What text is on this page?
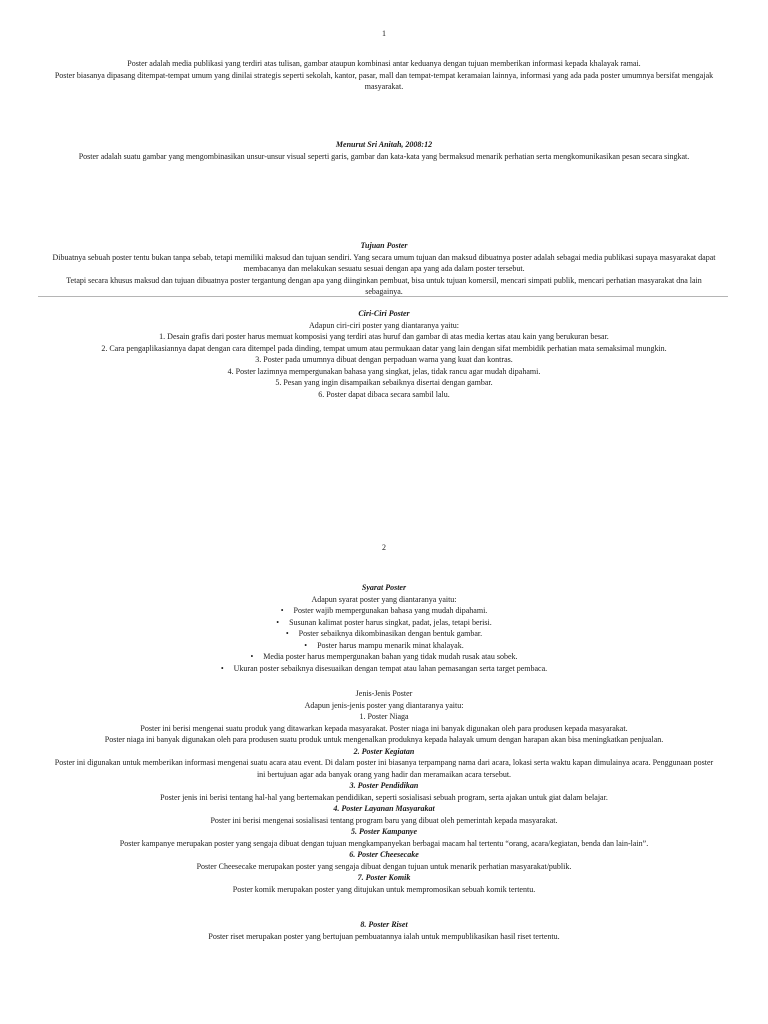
1

Poster adalah media publikasi yang terdiri atas tulisan, gambar ataupun kombinasi antar keduanya dengan tujuan memberikan informasi kepada khalayak ramai.

Poster biasanya dipasang ditempat-tempat umum yang dinilai strategis seperti sekolah, kantor, pasar, mall dan tempat-tempat keramaian lainnya, informasi yang ada pada poster umumnya bersifat mengajak masyarakat.

Menurut Sri Anitah, 2008:12

Poster adalah suatu gambar yang mengombinasikan unsur-unsur visual seperti garis, gambar dan kata-kata yang bermaksud menarik perhatian serta mengkomunikasikan pesan secara singkat.

Tujuan Poster

Dibuatnya sebuah poster tentu bukan tanpa sebab, tetapi memiliki maksud dan tujuan sendiri. Yang secara umum tujuan dan maksud dibuatnya poster adalah sebagai media publikasi supaya masyarakat dapat membacanya dan melakukan sesuatu sesuai dengan apa yang ada dalam poster tersebut.

Tetapi secara khusus maksud dan tujuan dibuatnya poster tergantung dengan apa yang diinginkan pembuat, bisa untuk tujuan komersil, mencari simpati publik, mencari perhatian masyarakat dna lain sebagainya.

Ciri-Ciri Poster

Adapun ciri-ciri poster yang diantaranya yaitu:

1. Desain grafis dari poster harus memuat komposisi yang terdiri atas huruf dan gambar di atas media kertas atau kain yang berukuran besar.
2. Cara pengaplikasiannya dapat dengan cara ditempel pada dinding, tempat umum atau permukaan datar yang lain dengan sifat membidik perhatian mata semaksimal mungkin.
3. Poster pada umumnya dibuat dengan perpaduan warna yang kuat dan kontras.
4. Poster lazimnya mempergunakan bahasa yang singkat, jelas, tidak rancu agar mudah dipahami.
5. Pesan yang ingin disampaikan sebaiknya disertai dengan gambar.
6. Poster dapat dibaca secara sambil lalu.
2

Syarat Poster

Adapun syarat poster yang diantaranya yaitu:

• Poster wajib mempergunakan bahasa yang mudah dipahami.
• Susunan kalimat poster harus singkat, padat, jelas, tetapi berisi.
• Poster sebaiknya dikombinasikan dengan bentuk gambar.
• Poster harus mampu menarik minat khalayak.
• Media poster harus mempergunakan bahan yang tidak mudah rusak atau sobek.
• Ukuran poster sebaiknya disesuaikan dengan tempat atau lahan pemasangan serta target pembaca.

Jenis-Jenis Poster

Adapun jenis-jenis poster yang diantaranya yaitu:

1. Poster Niaga

Poster ini berisi mengenai suatu produk yang ditawarkan kepada masyarakat. Poster niaga ini banyak digunakan oleh para produsen kepada masyarakat.

Poster niaga ini banyak digunakan oleh para produsen suatu produk untuk mengenalkan produknya kepada halayak umum dengan harapan akan bisa meningkatkan penjualan.

2. Poster Kegiatan

Poster ini digunakan untuk memberikan informasi mengenai suatu acara atau event. Di dalam poster ini biasanya terpampang nama dari acara, lokasi serta waktu kapan dimulainya acara. Penggunaan poster ini bertujuan agar ada banyak orang yang hadir dan meramaikan acara tersebut.

3. Poster Pendidikan

Poster jenis ini berisi tentang hal-hal yang bertemakan pendidikan, seperti sosialisasi sebuah program, serta ajakan untuk giat dalam belajar.

4. Poster Layanan Masyarakat

Poster ini berisi mengenai sosialisasi tentang program baru yang dibuat oleh pemerintah kepada masyarakat.

5. Poster Kampanye

Poster kampanye merupakan poster yang sengaja dibuat dengan tujuan mengkampanyekan berbagai macam hal tertentu “orang, acara/kegiatan, benda dan lain-lain”.

6. Poster Cheesecake

Poster Cheesecake merupakan poster yang sengaja dibuat dengan tujuan untuk menarik perhatian masyarakat/publik.

7. Poster Komik

Poster komik merupakan poster yang ditujukan untuk mempromosikan sebuah komik tertentu.

8. Poster Riset

Poster riset merupakan poster yang bertujuan pembuatannya ialah untuk mempublikasikan hasil riset tertentu.
